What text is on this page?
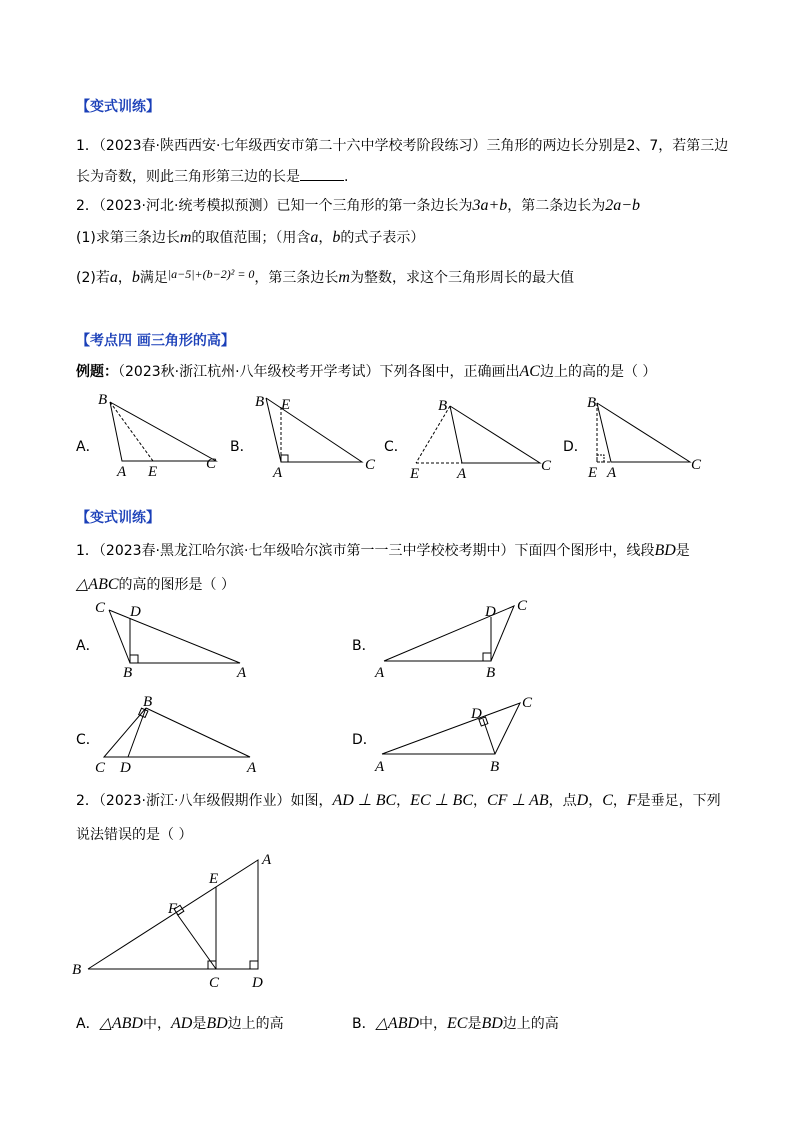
【变式训练】
1．（2023春·陕西西安·七年级西安市第二十六中学校考阶段练习）三角形的两边长分别是2、7，若第三边
长为奇数，则此三角形第三边的长是	.
2．（2023·河北·统考模拟预测）已知一个三角形的第一条边长为3a+b，第二条边长为2a−b
(1)求第三条边长m的取值范围；（用含a，b的式子表示）
(2)若a，b满足|a−5|+(b−2)² = 0，第三条边长m为整数，求这个三角形周长的最大值
【考点四 画三角形的高】
例题：（2023秋·浙江杭州·八年级校考开学考试）下列各图中，正确画出AC边上的高的是（ ）
A．	B．	C．	D．
B
A E	C
B E
A	C
B
E	A	C
B
E A	C
【变式训练】
1．（2023春·黑龙江哈尔滨·七年级哈尔滨市第一一三中学校校考期中）下面四个图形中，线段BD是
△ABC的高的图形是（ ）
A．	B．
C．	D．
C D
B	A	A
D C
B
B
C D	A	A
D
C
B
2．（2023·浙江·八年级假期作业）如图，AD ⊥ BC，EC ⊥ BC，CF ⊥ AB，点D，C，F是垂足，下列
说法错误的是（ ）
B
C D
A
E
F
A．△ABD中，AD是BD边上的高	B．△ABD中，EC是BD边上的高
